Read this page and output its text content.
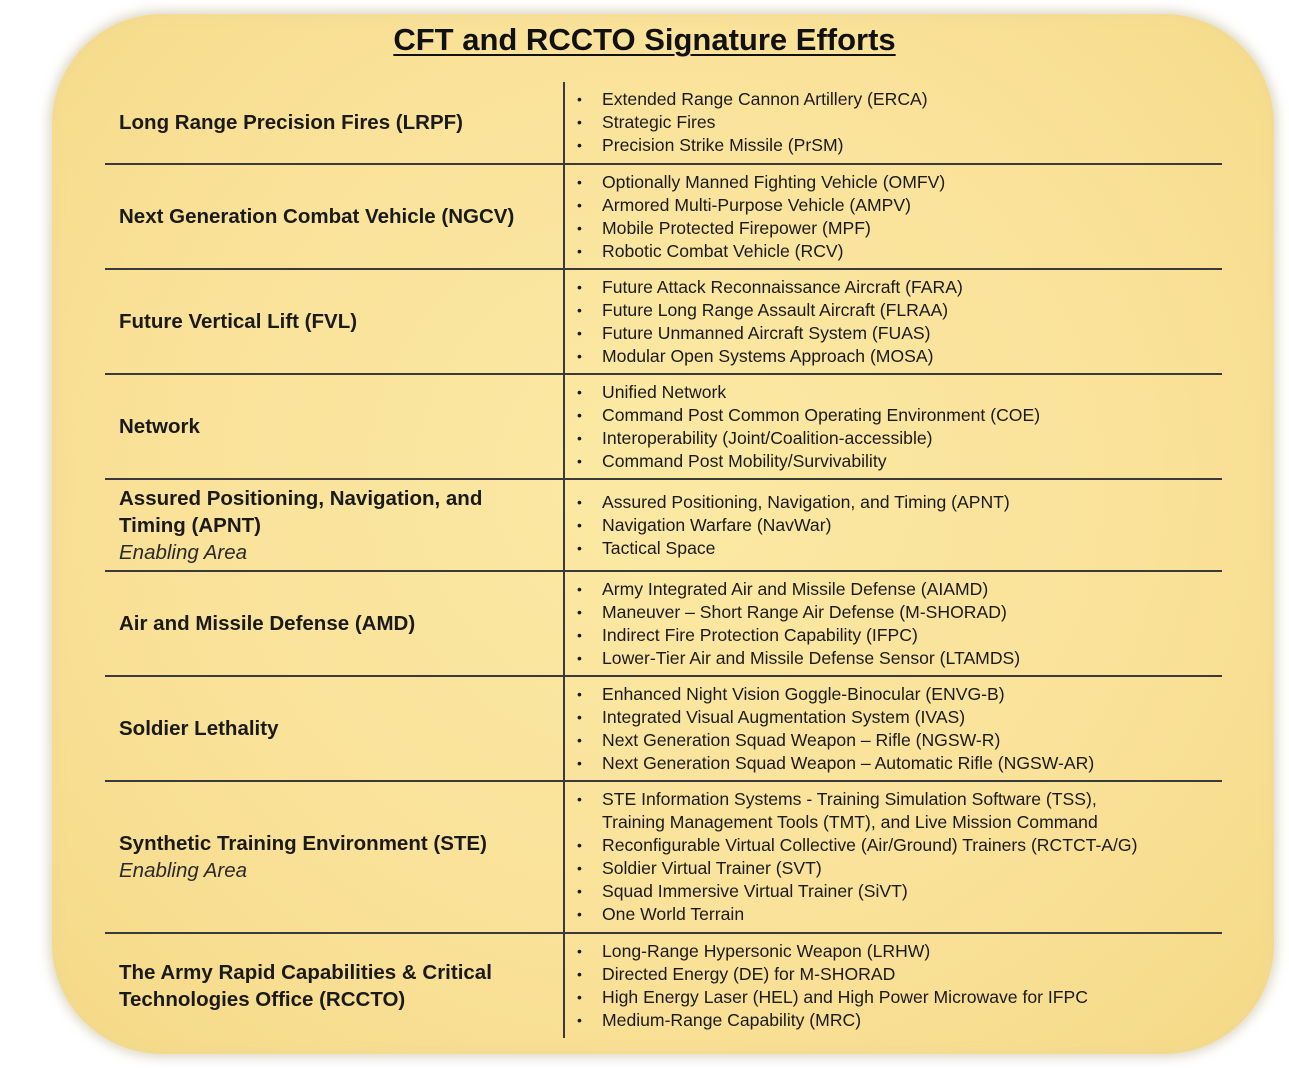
CFT and RCCTO Signature Efforts
Long Range Precision Fires (LRPF)
• Extended Range Cannon Artillery (ERCA)
• Strategic Fires
• Precision Strike Missile (PrSM)
Next Generation Combat Vehicle (NGCV)
• Optionally Manned Fighting Vehicle (OMFV)
• Armored Multi-Purpose Vehicle (AMPV)
• Mobile Protected Firepower (MPF)
• Robotic Combat Vehicle (RCV)
Future Vertical Lift (FVL)
• Future Attack Reconnaissance Aircraft (FARA)
• Future Long Range Assault Aircraft (FLRAA)
• Future Unmanned Aircraft System (FUAS)
• Modular Open Systems Approach (MOSA)
Network
• Unified Network
• Command Post Common Operating Environment (COE)
• Interoperability (Joint/Coalition-accessible)
• Command Post Mobility/Survivability
Assured Positioning, Navigation, and
Timing (APNT)
Enabling Area
• Assured Positioning, Navigation, and Timing (APNT)
• Navigation Warfare (NavWar)
• Tactical Space
Air and Missile Defense (AMD)
• Army Integrated Air and Missile Defense (AIAMD)
• Maneuver – Short Range Air Defense (M-SHORAD)
• Indirect Fire Protection Capability (IFPC)
• Lower-Tier Air and Missile Defense Sensor (LTAMDS)
Soldier Lethality
• Enhanced Night Vision Goggle-Binocular (ENVG-B)
• Integrated Visual Augmentation System (IVAS)
• Next Generation Squad Weapon – Rifle (NGSW-R)
• Next Generation Squad Weapon – Automatic Rifle (NGSW-AR)
Synthetic Training Environment (STE)
Enabling Area
• STE Information Systems - Training Simulation Software (TSS),
Training Management Tools (TMT), and Live Mission Command
• Reconfigurable Virtual Collective (Air/Ground) Trainers (RCTCT-A/G)
• Soldier Virtual Trainer (SVT)
• Squad Immersive Virtual Trainer (SiVT)
• One World Terrain
The Army Rapid Capabilities & Critical
Technologies Office (RCCTO)
• Long-Range Hypersonic Weapon (LRHW)
• Directed Energy (DE) for M-SHORAD
• High Energy Laser (HEL) and High Power Microwave for IFPC
• Medium-Range Capability (MRC)
